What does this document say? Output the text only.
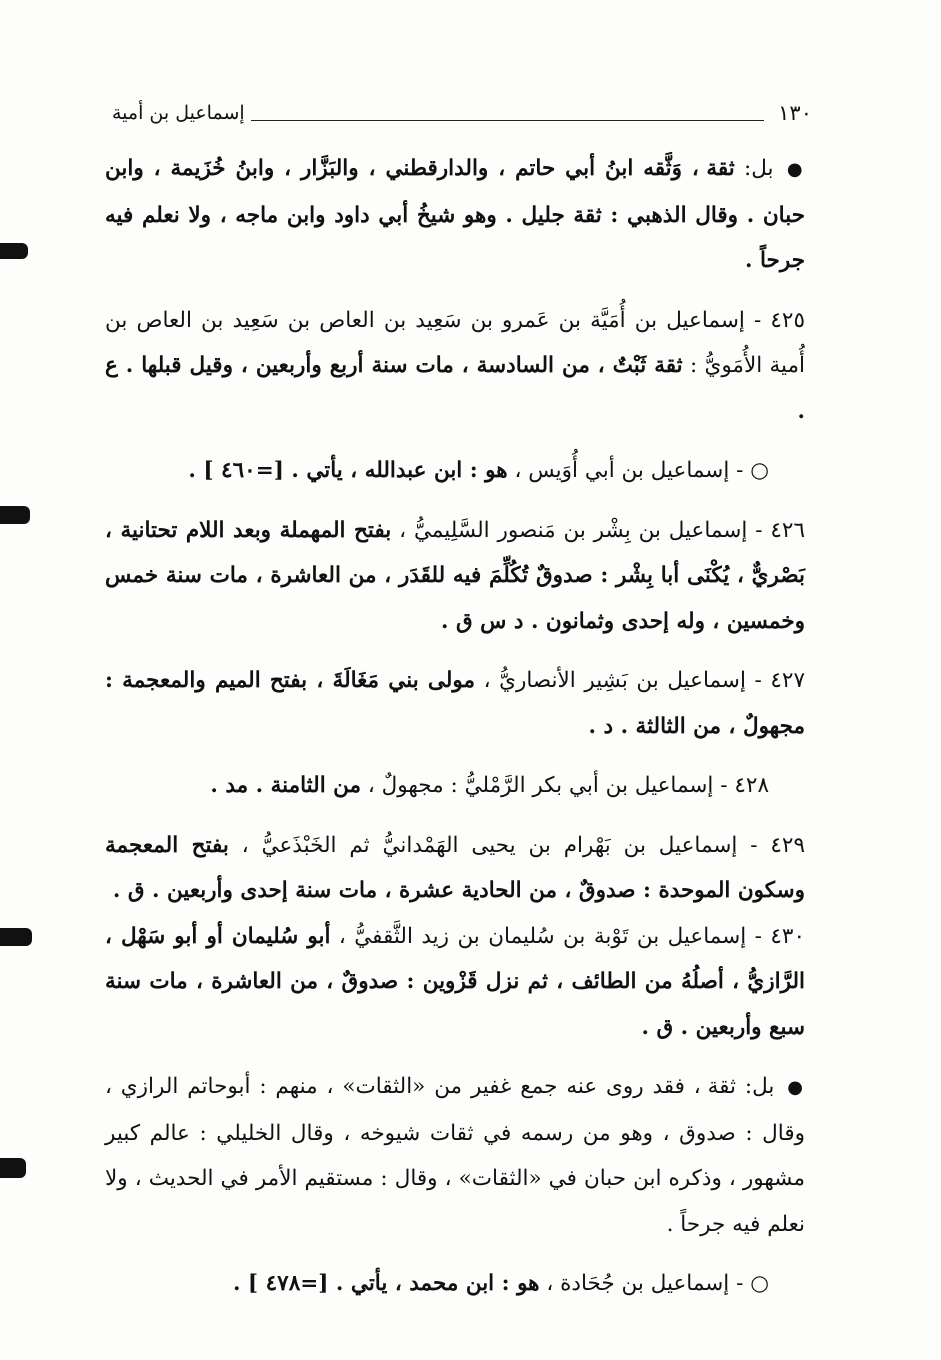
١٣٠
إسماعيل بن أمية

● بل: ثقة ، وَثَّقه ابنُ أبي حاتم ، والدارقطني ، والبَزَّار ، وابنُ خُزَيمة ، وابن حبان . وقال الذهبي : ثقة جليل . وهو شيخُ أبي داود وابن ماجه ، ولا نعلم فيه جرحاً .

٤٢٥ - إسماعيل بن أُمَيَّة بن عَمرو بن سَعِيد بن العاص بن سَعِيد بن العاص بن أُمية الأُمَويُّ : ثقة ثَبْتٌ ، من السادسة ، مات سنة أربع وأربعين ، وقيل قبلها . ع .

○ - إسماعيل بن أبي أُوَيس ، هو : ابن عبدالله ، يأتي . [=٤٦٠ ] .

٤٢٦ - إسماعيل بن بِشْر بن مَنصور السَّلِيميُّ ، بفتح المهملة وبعد اللام تحتانية ، بَصْريٌّ ، يُكْنَى أبا بِشْر : صدوقٌ تُكُلِّمَ فيه للقَدَر ، من العاشرة ، مات سنة خمس وخمسين ، وله إحدى وثمانون . د س ق .

٤٢٧ - إسماعيل بن بَشِير الأنصاريُّ ، مولى بني مَغَالَةَ ، بفتح الميم والمعجمة : مجهولٌ ، من الثالثة . د .

٤٢٨ - إسماعيل بن أبي بكر الرَّمْليُّ : مجهولٌ ، من الثامنة . مد .

٤٢٩ - إسماعيل بن بَهْرام بن يحيى الهَمْدانيُّ ثم الخَبْذَعيُّ ، بفتح المعجمة وسكون الموحدة : صدوقٌ ، من الحادية عشرة ، مات سنة إحدى وأربعين . ق .

٤٣٠ - إسماعيل بن تَوْبة بن سُليمان بن زيد الثَّقفيُّ ، أبو سُليمان أو أبو سَهْل ، الرَّازيُّ ، أصلُهُ من الطائف ، ثم نزل قَزْوين : صدوقٌ ، من العاشرة ، مات سنة سبع وأربعين . ق .

● بل: ثقة ، فقد روى عنه جمع غفير من «الثقات» ، منهم : أبوحاتم الرازي ، وقال : صدوق ، وهو من رسمه في ثقات شيوخه ، وقال الخليلي : عالم كبير مشهور ، وذكره ابن حبان في «الثقات» ، وقال : مستقيم الأمر في الحديث ، ولا نعلم فيه جرحاً .

○ - إسماعيل بن جُحَادة ، هو : ابن محمد ، يأتي . [=٤٧٨ ] .
